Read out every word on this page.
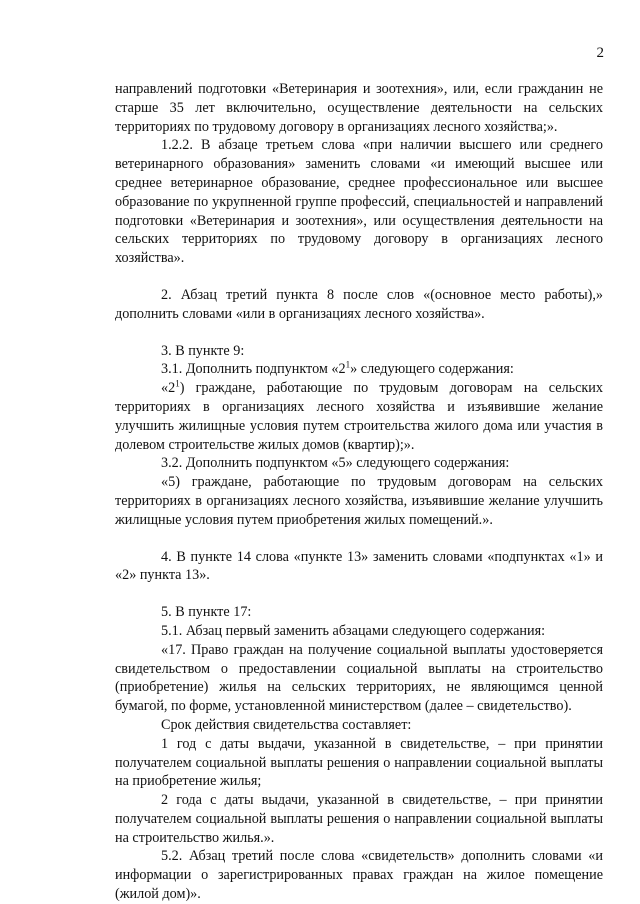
2

направлений подготовки «Ветеринария и зоотехния», или, если гражданин не старше 35 лет включительно, осуществление деятельности на сельских территориях по трудовому договору в организациях лесного хозяйства;».

1.2.2. В абзаце третьем слова «при наличии высшего или среднего ветеринарного образования» заменить словами «и имеющий высшее или среднее ветеринарное образование, среднее профессиональное или высшее образование по укрупненной группе профессий, специальностей и направлений подготовки «Ветеринария и зоотехния», или осуществления деятельности на сельских территориях по трудовому договору в организациях лесного хозяйства».

2. Абзац третий пункта 8 после слов «(основное место работы),» дополнить словами «или в организациях лесного хозяйства».

3. В пункте 9:

3.1. Дополнить подпунктом «$2^1$» следующего содержания:

«$2^1$) граждане, работающие по трудовым договорам на сельских территориях в организациях лесного хозяйства и изъявившие желание улучшить жилищные условия путем строительства жилого дома или участия в долевом строительстве жилых домов (квартир);».

3.2. Дополнить подпунктом «5» следующего содержания:

«5) граждане, работающие по трудовым договорам на сельских территориях в организациях лесного хозяйства, изъявившие желание улучшить жилищные условия путем приобретения жилых помещений.».

4. В пункте 14 слова «пункте 13» заменить словами «подпунктах «1» и «2» пункта 13».

5. В пункте 17:

5.1. Абзац первый заменить абзацами следующего содержания:

«17. Право граждан на получение социальной выплаты удостоверяется свидетельством о предоставлении социальной выплаты на строительство (приобретение) жилья на сельских территориях, не являющимся ценной бумагой, по форме, установленной министерством (далее – свидетельство).

Срок действия свидетельства составляет:

1 год с даты выдачи, указанной в свидетельстве, – при принятии получателем социальной выплаты решения о направлении социальной выплаты на приобретение жилья;

2 года с даты выдачи, указанной в свидетельстве, – при принятии получателем социальной выплаты решения о направлении социальной выплаты на строительство жилья.».

5.2. Абзац третий после слова «свидетельств» дополнить словами «и информации о зарегистрированных правах граждан на жилое помещение (жилой дом)».
